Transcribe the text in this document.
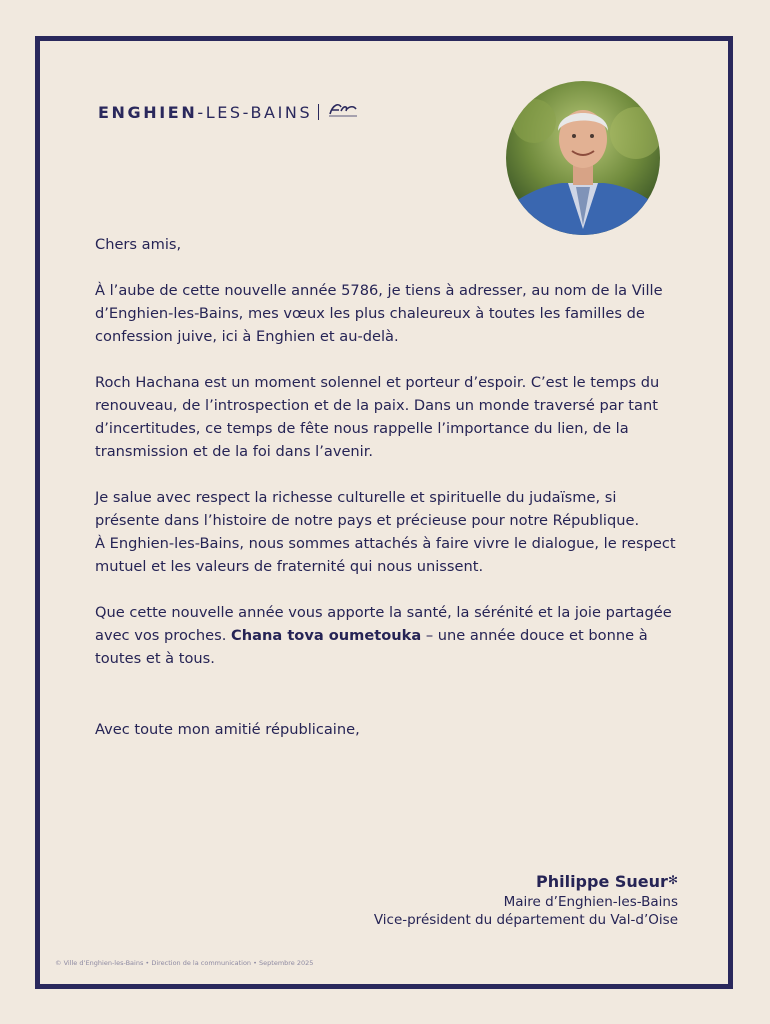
ENGHIEN -LES-BAINS

Chers amis,

À l’aube de cette nouvelle année 5786, je tiens à adresser, au nom de la Ville d’Enghien-les-Bains, mes vœux les plus chaleureux à toutes les familles de confession juive, ici à Enghien et au-delà.

Roch Hachana est un moment solennel et porteur d’espoir. C’est le temps du renouveau, de l’introspection et de la paix. Dans un monde traversé par tant d’incertitudes, ce temps de fête nous rappelle l’importance du lien, de la transmission et de la foi dans l’avenir.

Je salue avec respect la richesse culturelle et spirituelle du judaïsme, si présente dans l’histoire de notre pays et précieuse pour notre République.

À Enghien-les-Bains, nous sommes attachés à faire vivre le dialogue, le respect mutuel et les valeurs de fraternité qui nous unissent.

Que cette nouvelle année vous apporte la santé, la sérénité et la joie partagée avec vos proches. Chana tova oumetouka – une année douce et bonne à toutes et à tous.

Avec toute mon amitié républicaine,

Philippe Sueur✻
Maire d’Enghien-les-Bains
Vice-président du département du Val-d’Oise
© Ville d’Enghien-les-Bains • Direction de la communication • Septembre 2025
